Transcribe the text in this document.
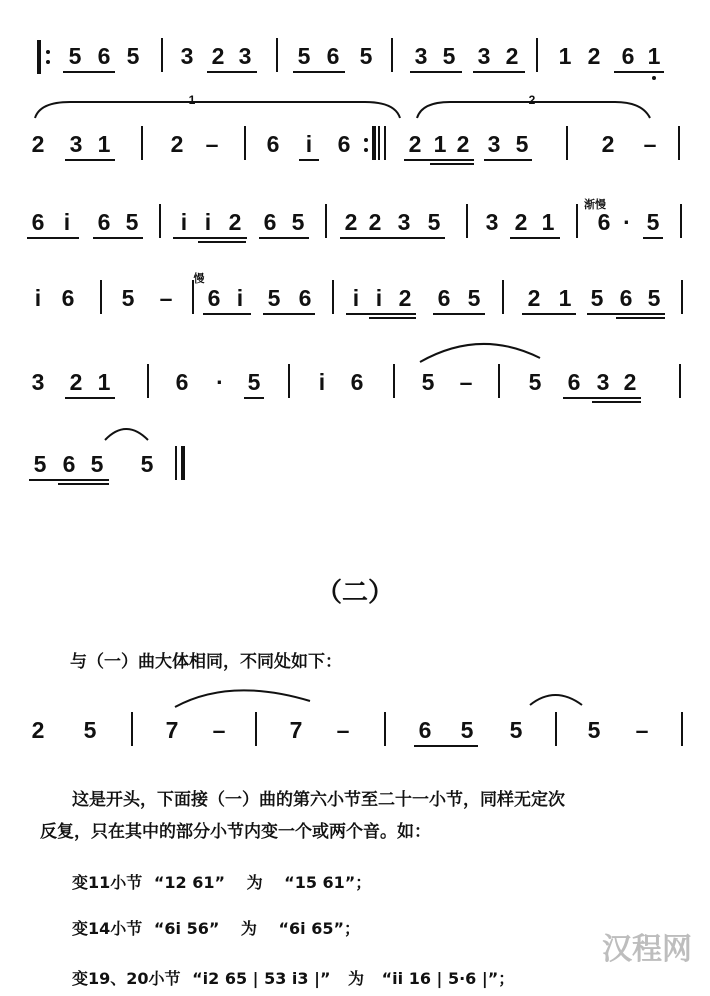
5 6 5 3 2 3 5 6 5 3 5 3 2 1 2 6 1
1	2
2 3 1	2 – 6 i 6	2 1 2 3 5	2 –
6 i 6 5 i i 2 6 5 2 2 3 5 3 2 1
渐慢
6 · 5
i 6 5 –
慢
6 i 5 6 i i 2 6 5 2 1 5 6 5
3 2 1	6 · 5	i 6	5 – 5 6 3 2
5 6 5 5
（二）
与（一）曲大体相同，不同处如下：
2 5	7 –	7 –	6 5 5	5 –
这是开头，下面接（一）曲的第六小节至二十一小节，同样无定次
反复，只在其中的部分小节内变一个或两个音。如：
变11小节 “12 61” 为 “15 61”；
变14小节 “6i 56” 为 “6i 65”；
变19、20小节 “i2 65 | 53 i3 |” 为 “ii 16 | 5·6 |”；
汉程网
